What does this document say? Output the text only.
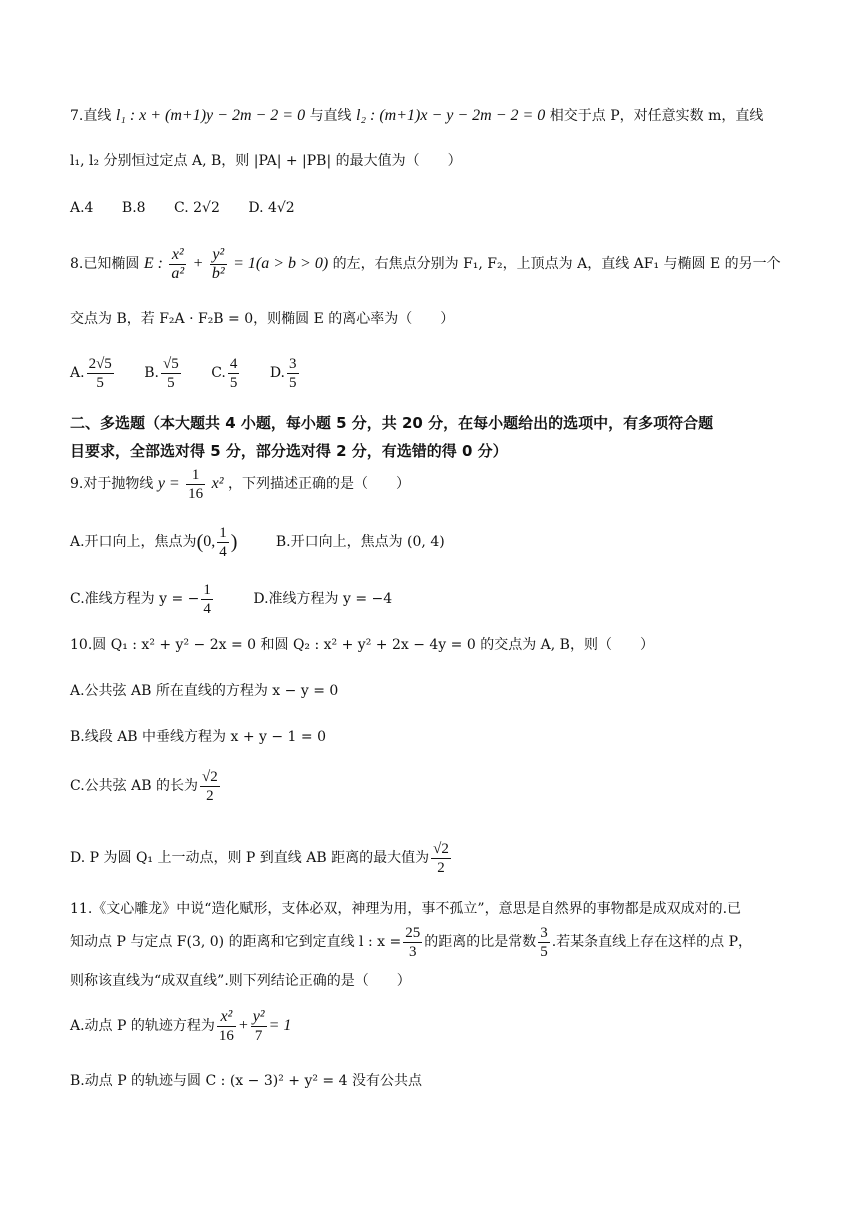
7.直线 l₁ : x + (m+1)y − 2m − 2 = 0 与直线 l₂ : (m+1)x − y − 2m − 2 = 0 相交于点 P，对任意实数 m，直线
l₁, l₂ 分别恒过定点 A, B，则 |PA| + |PB| 的最大值为（　　）
A.4 B.8 C. 2√2 D. 4√2
8.已知椭圆 E : $\frac{\text{x²}}{\text{a²}} + \frac{\text{y²}}{\text{b²}} = 1(a > b > 0)$ 的左，右焦点分别为 F₁, F₂，上顶点为 A，直线 AF₁ 与椭圆 E 的另一个
交点为 B，若 F₂A · F₂B = 0，则椭圆 E 的离心率为（　　）
A. $\frac{2√5}{5} B$. $\frac{√5}{5} C$. $\frac{4}{5} D$. $\frac{3}{5}$
二、多选题（本大题共 4 小题，每小题 5 分，共 20 分，在每小题给出的选项中，有多项符合题
目要求，全部选对得 5 分，部分选对得 2 分，有选错的得 0 分）
9.对于抛物线 $y = \frac{1}{16} x^2$ ，下列描述正确的是（　　）
A.开口向上，焦点为(0, $\frac{1}{4}$ )	B.开口向上，焦点为 (0, 4)
C.准线方程为 y = − $\frac{1}{4}$	D.准线方程为 y = −4
10.圆 Q₁ : x² + y² − 2x = 0 和圆 Q₂ : x² + y² + 2x − 4y = 0 的交点为 A, B，则（　　）
A.公共弦 AB 所在直线的方程为 x − y = 0
B.线段 AB 中垂线方程为 x + y − 1 = 0
C.公共弦 AB 的长为 $\frac{√2}{2}$
D. P 为圆 Q₁ 上一动点，则 P 到直线 AB 距离的最大值为 $\frac{√2}{2}$
11.《文心雕龙》中说“造化赋形，支体必双，神理为用，事不孤立”，意思是自然界的事物都是成双成对的.已
知动点 P 与定点 F(3, 0) 的距离和它到定直线 l : $x = \frac{25}{3}$ 的距离的比是常数 $\frac{3}{5}$ .若某条直线上存在这样的点 P，
则称该直线为“成双直线”.则下列结论正确的是（　　）
A.动点 P 的轨迹方程为 $\frac{\text{x²}}{16} + \frac{\text{y²}}{7} = 1$
B.动点 P 的轨迹与圆 C : (x − 3)² + y² = 4 没有公共点
